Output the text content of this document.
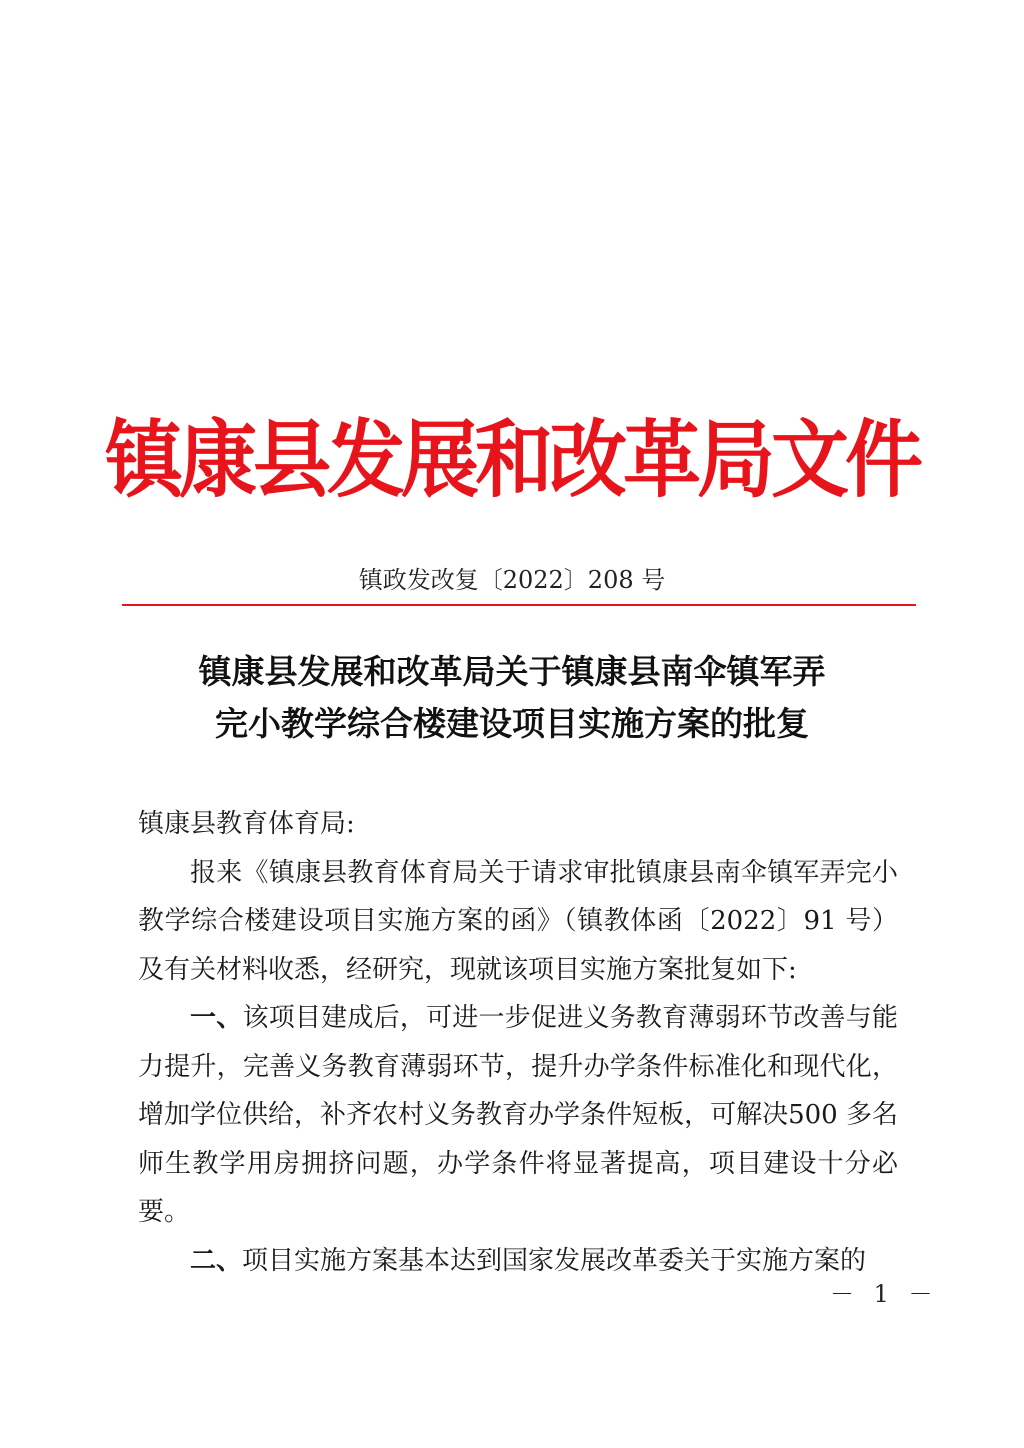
镇康县发展和改革局文件
镇政发改复〔2022〕208 号
镇康县发展和改革局关于镇康县南伞镇军弄
完小教学综合楼建设项目实施方案的批复

镇康县教育体育局:

报来《镇康县教育体育局关于请求审批镇康县南伞镇军弄完小教学综合楼建设项目实施方案的函》（镇教体函〔2022〕91 号）及有关材料收悉，经研究，现就该项目实施方案批复如下:

一、该项目建成后，可进一步促进义务教育薄弱环节改善与能力提升，完善义务教育薄弱环节，提升办学条件标准化和现代化，增加学位供给，补齐农村义务教育办学条件短板，可解决500 多名师生教学用房拥挤问题，办学条件将显著提高，项目建设十分必要。

二、项目实施方案基本达到国家发展改革委关于实施方案的

－ 1 －
